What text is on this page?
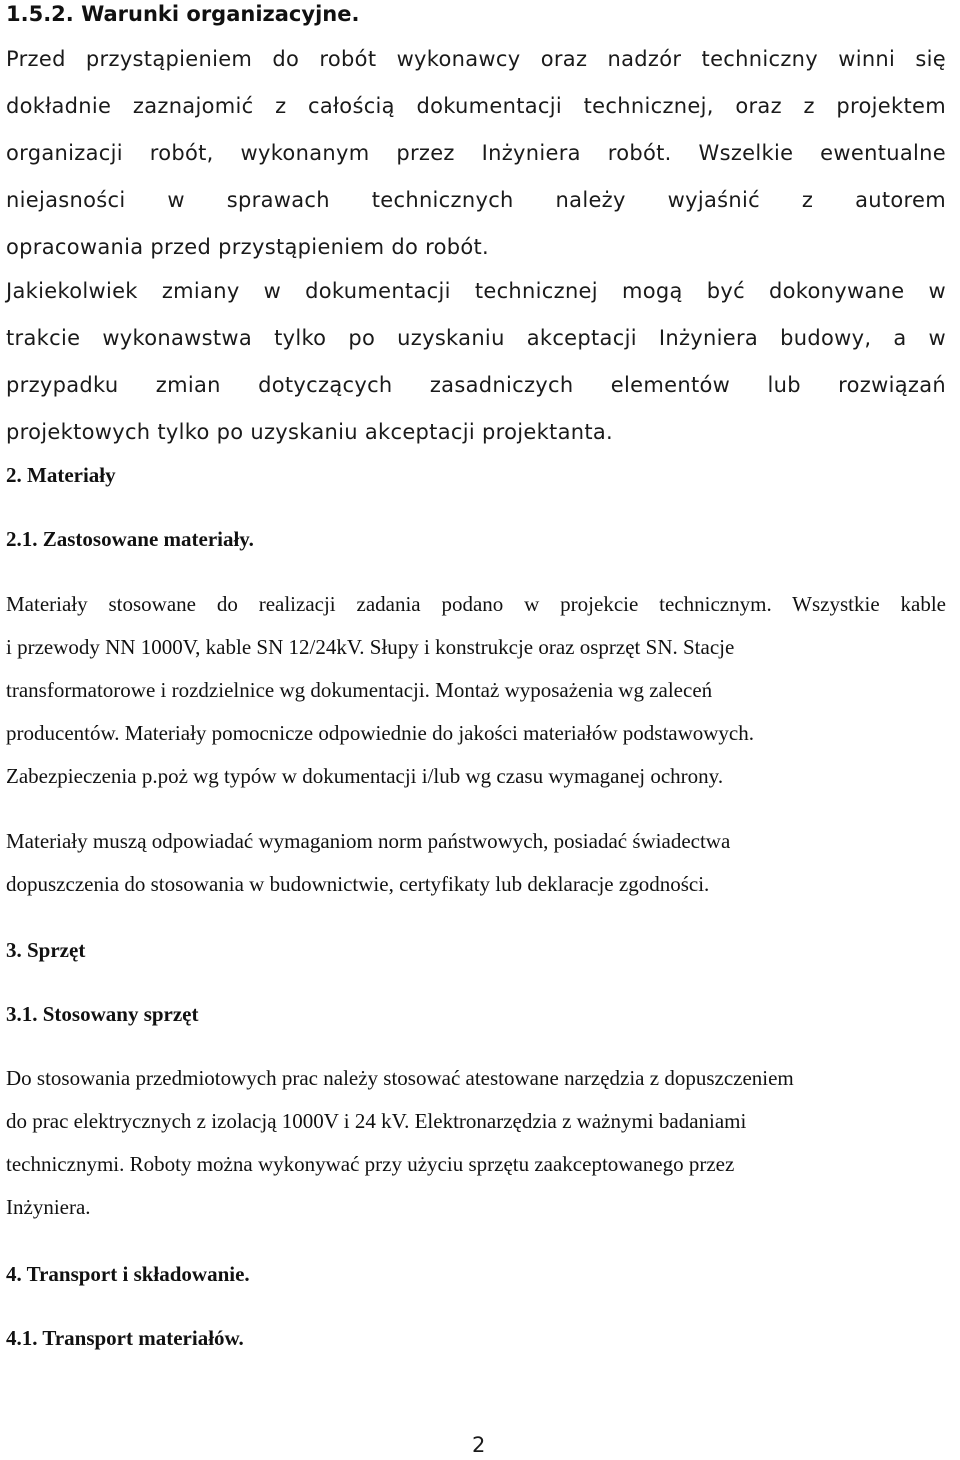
1.5.2. Warunki organizacyjne.
Przed przystąpieniem do robót wykonawcy oraz nadzór techniczny winni się
dokładnie zaznajomić z całością dokumentacji technicznej, oraz z projektem
organizacji robót, wykonanym przez Inżyniera robót. Wszelkie ewentualne
niejasności w sprawach technicznych należy wyjaśnić z autorem
opracowania przed przystąpieniem do robót.
Jakiekolwiek zmiany w dokumentacji technicznej mogą być dokonywane w
trakcie wykonawstwa tylko po uzyskaniu akceptacji Inżyniera budowy, a w
przypadku zmian dotyczących zasadniczych elementów lub rozwiązań
projektowych tylko po uzyskaniu akceptacji projektanta.
2. Materiały
2.1. Zastosowane materiały.
Materiały stosowane do realizacji zadania podano w projekcie technicznym. Wszystkie kable
i przewody NN 1000V, kable SN 12/24kV. Słupy i konstrukcje oraz osprzęt SN. Stacje
transformatorowe i rozdzielnice wg dokumentacji. Montaż wyposażenia wg zaleceń
producentów. Materiały pomocnicze odpowiednie do jakości materiałów podstawowych.
Zabezpieczenia p.poż wg typów w dokumentacji i/lub wg czasu wymaganej ochrony.
Materiały muszą odpowiadać wymaganiom norm państwowych, posiadać świadectwa
dopuszczenia do stosowania w budownictwie, certyfikaty lub deklaracje zgodności.
3. Sprzęt
3.1. Stosowany sprzęt
Do stosowania przedmiotowych prac należy stosować atestowane narzędzia z dopuszczeniem
do prac elektrycznych z izolacją 1000V i 24 kV. Elektronarzędzia z ważnymi badaniami
technicznymi. Roboty można wykonywać przy użyciu sprzętu zaakceptowanego przez
Inżyniera.
4. Transport i składowanie.
4.1. Transport materiałów.
2
